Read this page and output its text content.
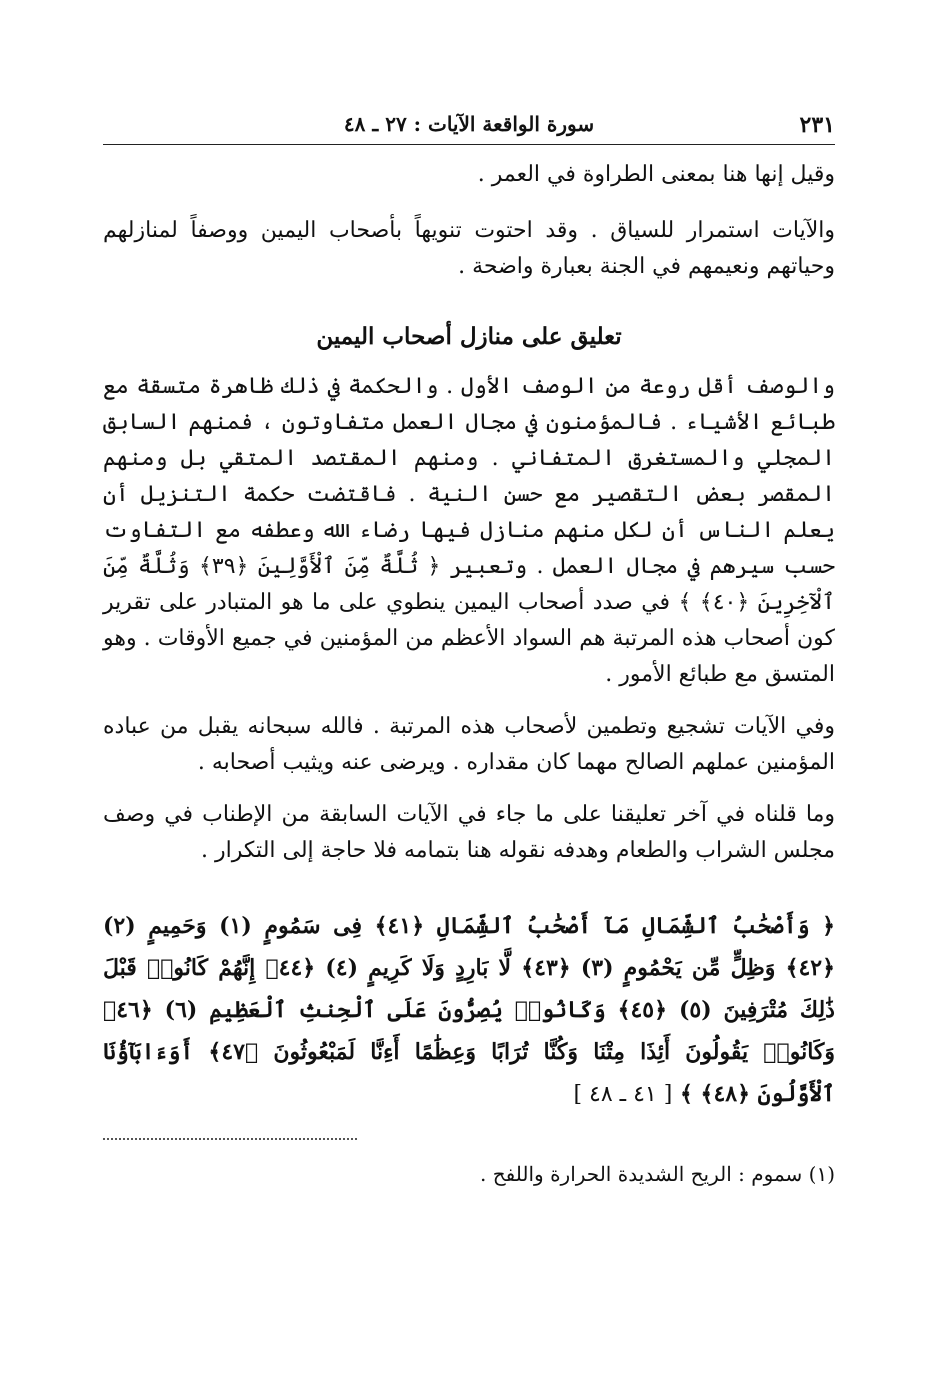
٢٣١
سورة الواقعة الآيات : ٢٧ ـ ٤٨

وقيل إنها هنا بمعنى الطراوة في العمر .

والآيات استمرار للسياق . وقد احتوت تنويهاً بأصحاب اليمين ووصفاً لمنازلهم وحياتهم ونعيمهم في الجنة بعبارة واضحة .

تعليق على منازل أصحاب اليمين

والوصف أقل روعة من الوصف الأول . والحكمة في ذلك ظاهرة متسقة مع طبائع الأشياء . فالمؤمنون في مجال العمل متفاوتون ، فمنهم السابق المجلي والمستغرق المتفاني . ومنهم المقتصد المتقي بل ومنهم المقصر بعض التقصير مع حسن النية . فاقتضت حكمة التنزيل أن يعلم الناس أن لكل منهم منازل فيها رضاء الله وعطفه مع التفاوت حسب سيرهم في مجال العمل . وتعبير ﴿ ثُلَّةٌ مِّنَ ٱلْأَوَّلِينَ ﴿٣٩﴾ وَثُلَّةٌ مِّنَ ٱلْآخِرِينَ ﴿٤٠﴾ ﴾ في صدد أصحاب اليمين ينطوي على ما هو المتبادر على تقرير كون أصحاب هذه المرتبة هم السواد الأعظم من المؤمنين في جميع الأوقات . وهو المتسق مع طبائع الأمور .

وفي الآيات تشجيع وتطمين لأصحاب هذه المرتبة . فالله سبحانه يقبل من عباده المؤمنين عملهم الصالح مهما كان مقداره . ويرضى عنه ويثيب أصحابه .

وما قلناه في آخر تعليقنا على ما جاء في الآيات السابقة من الإطناب في وصف مجلس الشراب والطعام وهدفه نقوله هنا بتمامه فلا حاجة إلى التكرار .

﴿ وَأَصْحَٰبُ ٱلشِّمَالِ مَآ أَصْحَٰبُ ٱلشِّمَالِ ﴿٤١﴾ فِى سَمُومٍ (١) وَحَمِيمٍ (٢) ﴿٤٢﴾ وَظِلٍّ مِّن يَحْمُومٍ (٣) ﴿٤٣﴾ لَّا بَارِدٍ وَلَا كَرِيمٍ (٤) ﴿٤٤﴾ إِنَّهُمْ كَانُوا۟ قَبْلَ ذَٰلِكَ مُتْرَفِينَ (٥) ﴿٤٥﴾ وَكَانُوا۟ يُصِرُّونَ عَلَى ٱلْحِنثِ ٱلْعَظِيمِ (٦) ﴿٤٦﴾ وَكَانُوا۟ يَقُولُونَ أَئِذَا مِتْنَا وَكُنَّا تُرَابًا وَعِظَٰمًا أَءِنَّا لَمَبْعُوثُونَ ﴿٤٧﴾ أَوَءَابَآؤُنَا ٱلْأَوَّلُونَ ﴿٤٨﴾ ﴾ [ ٤١ ـ ٤٨ ]

(١) سموم : الريح الشديدة الحرارة واللفح .
